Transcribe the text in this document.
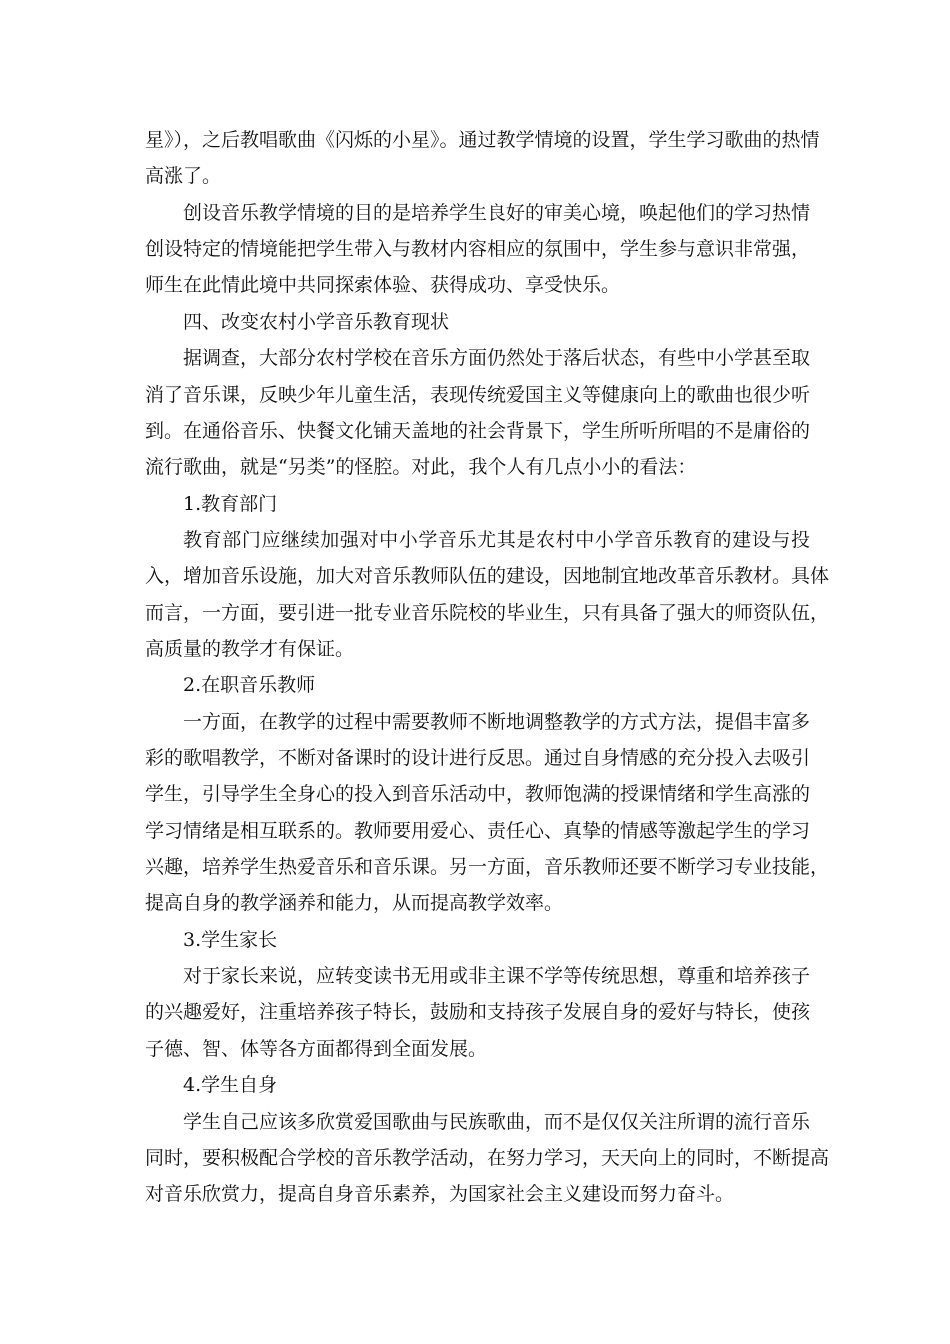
星》），之后教唱歌曲《闪烁的小星》。通过教学情境的设置，学生学习歌曲的热情
高涨了。
创设音乐教学情境的目的是培养学生良好的审美心境，唤起他们的学习热情
创设特定的情境能把学生带入与教材内容相应的氛围中，学生参与意识非常强，
师生在此情此境中共同探索体验、获得成功、享受快乐。
四、改变农村小学音乐教育现状
据调查，大部分农村学校在音乐方面仍然处于落后状态，有些中小学甚至取
消了音乐课，反映少年儿童生活，表现传统爱国主义等健康向上的歌曲也很少听
到。在通俗音乐、快餐文化铺天盖地的社会背景下，学生所听所唱的不是庸俗的
流行歌曲，就是“另类”的怪腔。对此，我个人有几点小小的看法：
1.教育部门
教育部门应继续加强对中小学音乐尤其是农村中小学音乐教育的建设与投
入，增加音乐设施，加大对音乐教师队伍的建设，因地制宜地改革音乐教材。具体
而言，一方面，要引进一批专业音乐院校的毕业生，只有具备了强大的师资队伍，
高质量的教学才有保证。
2.在职音乐教师
一方面，在教学的过程中需要教师不断地调整教学的方式方法，提倡丰富多
彩的歌唱教学，不断对备课时的设计进行反思。通过自身情感的充分投入去吸引
学生，引导学生全身心的投入到音乐活动中，教师饱满的授课情绪和学生高涨的
学习情绪是相互联系的。教师要用爱心、责任心、真挚的情感等激起学生的学习
兴趣，培养学生热爱音乐和音乐课。另一方面，音乐教师还要不断学习专业技能，
提高自身的教学涵养和能力，从而提高教学效率。
3.学生家长
对于家长来说，应转变读书无用或非主课不学等传统思想，尊重和培养孩子
的兴趣爱好，注重培养孩子特长，鼓励和支持孩子发展自身的爱好与特长，使孩
子德、智、体等各方面都得到全面发展。
4.学生自身
学生自己应该多欣赏爱国歌曲与民族歌曲，而不是仅仅关注所谓的流行音乐
同时，要积极配合学校的音乐教学活动，在努力学习，天天向上的同时，不断提高
对音乐欣赏力，提高自身音乐素养，为国家社会主义建设而努力奋斗。
